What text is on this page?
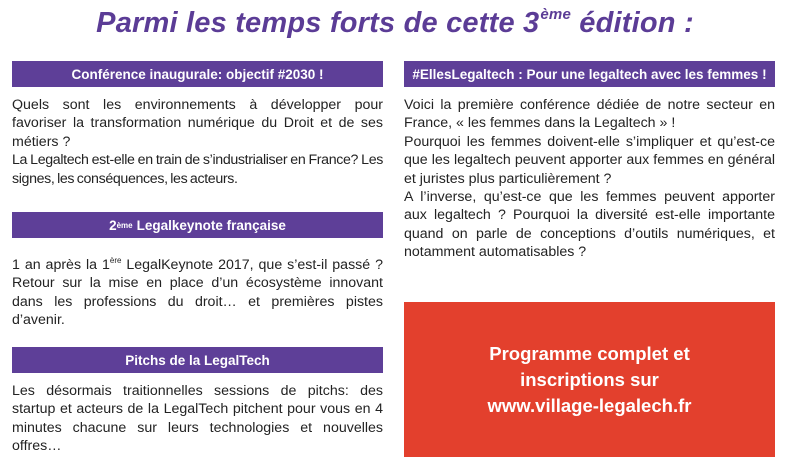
Parmi les temps forts de cette 3ème édition :
Conférence inaugurale: objectif #2030 !

Quels sont les environnements à développer pour favoriser la transformation numérique du Droit et de ses métiers ?

La Legaltech est-elle en train de s’industrialiser en France? Les signes, les conséquences, les acteurs.

2 ème Legalkeynote française

1 an après la 1ère LegalKeynote 2017, que s’est-il passé ? Retour sur la mise en place d’un écosystème innovant dans les professions du droit… et premières pistes d’avenir.

Pitchs de la LegalTech

Les désormais traitionnelles sessions de pitchs: des startup et acteurs de la LegalTech pitchent pour vous en 4 minutes chacune sur leurs technologies et nouvelles offres…

#EllesLegaltech : Pour une legaltech avec les femmes !

Voici la première conférence dédiée de notre secteur en France, « les femmes dans la Legaltech » !

Pourquoi les femmes doivent-elle s’impliquer et qu’est-ce que les legaltech peuvent apporter aux femmes en général et juristes plus particulièrement ?

A l’inverse, qu’est-ce que les femmes peuvent apporter aux legaltech ? Pourquoi la diversité est-elle importante quand on parle de conceptions d’outils numériques, et notamment automatisables ?

Programme complet et
inscriptions sur
www.village-legalech.fr
